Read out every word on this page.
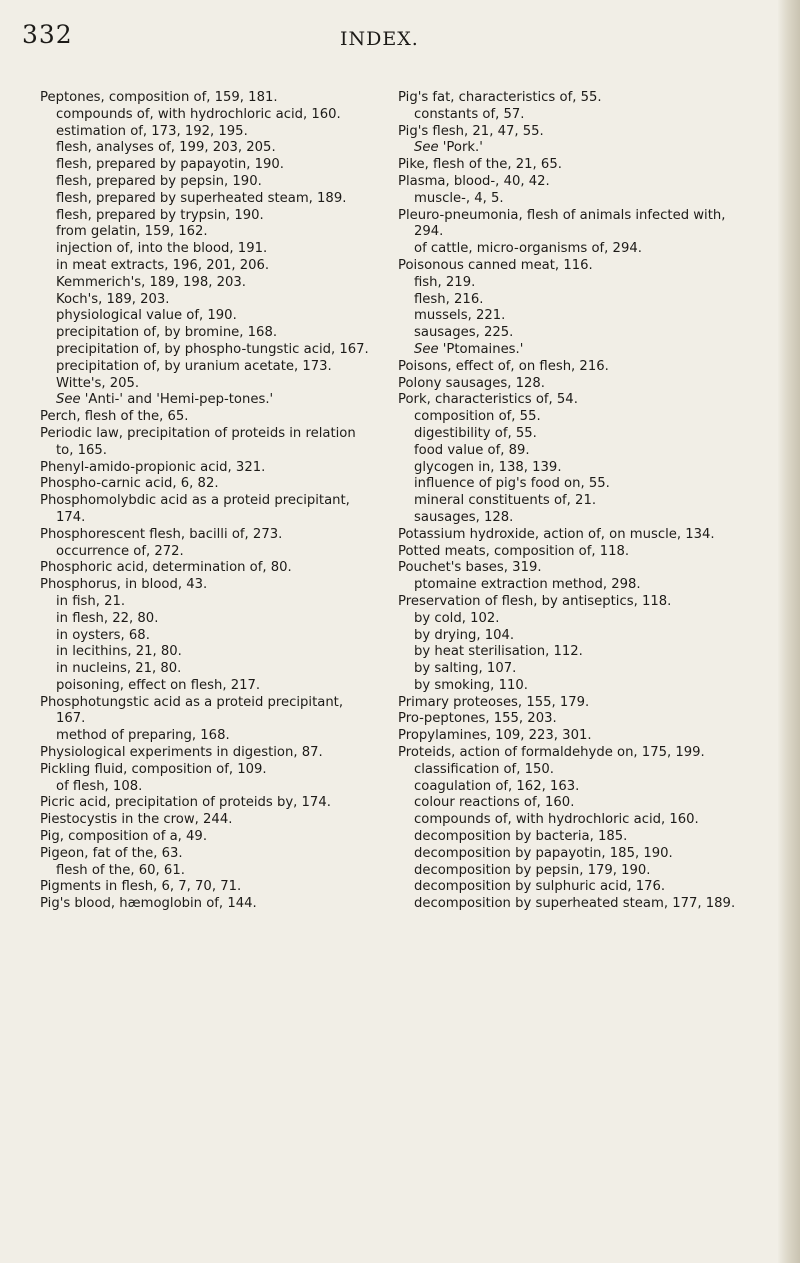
332	INDEX.

Peptones, composition of, 159, 181.

compounds of, with hydrochloric acid, 160.

estimation of, 173, 192, 195.

flesh, analyses of, 199, 203, 205.

flesh, prepared by papayotin, 190.

flesh, prepared by pepsin, 190.

flesh, prepared by superheated steam, 189.

flesh, prepared by trypsin, 190.

from gelatin, 159, 162.

injection of, into the blood, 191.

in meat extracts, 196, 201, 206.

Kemmerich's, 189, 198, 203.

Koch's, 189, 203.

physiological value of, 190.

precipitation of, by bromine, 168.

precipitation of, by phospho-tungstic acid, 167.

precipitation of, by uranium acetate, 173.

Witte's, 205.

See 'Anti-' and 'Hemi-pep-tones.'

Perch, flesh of the, 65.

Periodic law, precipitation of proteids in relation to, 165.

Phenyl-amido-propionic acid, 321.

Phospho-carnic acid, 6, 82.

Phosphomolybdic acid as a proteid precipitant, 174.

Phosphorescent flesh, bacilli of, 273.

occurrence of, 272.

Phosphoric acid, determination of, 80.

Phosphorus, in blood, 43.

in fish, 21.

in flesh, 22, 80.

in oysters, 68.

in lecithins, 21, 80.

in nucleins, 21, 80.

poisoning, effect on flesh, 217.

Phosphotungstic acid as a proteid precipitant, 167.

method of preparing, 168.

Physiological experiments in digestion, 87.

Pickling fluid, composition of, 109.

of flesh, 108.

Picric acid, precipitation of proteids by, 174.

Piestocystis in the crow, 244.

Pig, composition of a, 49.

Pigeon, fat of the, 63.

flesh of the, 60, 61.

Pigments in flesh, 6, 7, 70, 71.

Pig's blood, hæmoglobin of, 144.

Pig's fat, characteristics of, 55.

constants of, 57.

Pig's flesh, 21, 47, 55.

See 'Pork.'

Pike, flesh of the, 21, 65.

Plasma, blood-, 40, 42.

muscle-, 4, 5.

Pleuro-pneumonia, flesh of animals infected with, 294.

of cattle, micro-organisms of, 294.

Poisonous canned meat, 116.

fish, 219.

flesh, 216.

mussels, 221.

sausages, 225.

See 'Ptomaines.'

Poisons, effect of, on flesh, 216.

Polony sausages, 128.

Pork, characteristics of, 54.

composition of, 55.

digestibility of, 55.

food value of, 89.

glycogen in, 138, 139.

influence of pig's food on, 55.

mineral constituents of, 21.

sausages, 128.

Potassium hydroxide, action of, on muscle, 134.

Potted meats, composition of, 118.

Pouchet's bases, 319.

ptomaine extraction method, 298.

Preservation of flesh, by antiseptics, 118.

by cold, 102.

by drying, 104.

by heat sterilisation, 112.

by salting, 107.

by smoking, 110.

Primary proteoses, 155, 179.

Pro-peptones, 155, 203.

Propylamines, 109, 223, 301.

Proteids, action of formaldehyde on, 175, 199.

classification of, 150.

coagulation of, 162, 163.

colour reactions of, 160.

compounds of, with hydrochloric acid, 160.

decomposition by bacteria, 185.

decomposition by papayotin, 185, 190.

decomposition by pepsin, 179, 190.

decomposition by sulphuric acid, 176.

decomposition by superheated steam, 177, 189.
